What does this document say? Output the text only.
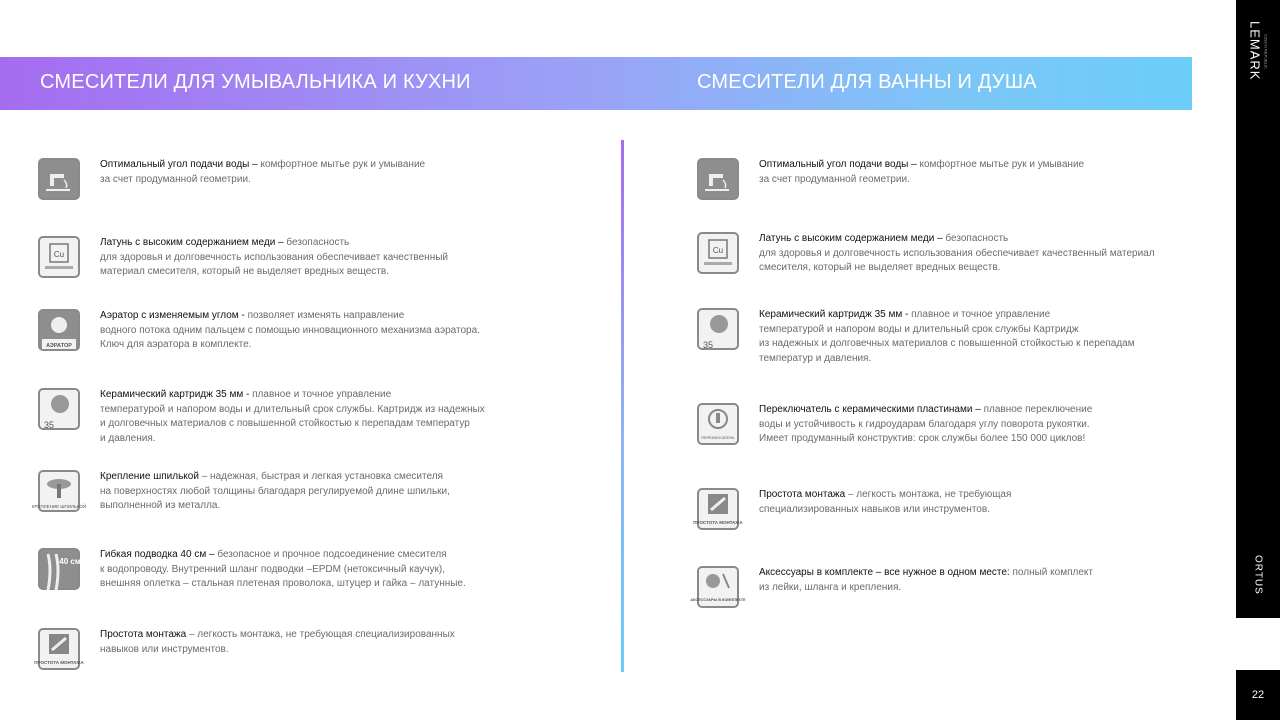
LEMARK CZECH REPUBLIC
ORTUS
22
СМЕСИТЕЛИ ДЛЯ УМЫВАЛЬНИКА И КУХНИ	СМЕСИТЕЛИ ДЛЯ ВАННЫ И ДУША
Оптимальный угол подачи воды – комфортное мытье рук и умывание
за счет продуманной геометрии.
Cu
Латунь с высоким содержанием меди – безопасность
для здоровья и долговечность использования обеспечивает качественный
материал смесителя, который не выделяет вредных веществ.
АЭРАТОР
Аэратор с изменяемым углом - позволяет изменять направление
водного потока одним пальцем с помощью инновационного механизма аэратора.
Ключ для аэратора в комплекте.
35
Керамический картридж 35 мм - плавное и точное управление
температурой и напором воды и длительный срок службы. Картридж из надежных
и долговечных материалов с повышенной стойкостью к перепадам температур
и давления.
КРЕПЛЕНИЕ ШПИЛЬКОЙ
Крепление шпилькой – надежная, быстрая и легкая установка смесителя
на поверхностях любой толщины благодаря регулируемой длине шпильки,
выполненной из металла.
40 см
Гибкая подводка 40 см – безопасное и прочное подсоединение смесителя
к водопроводу. Внутренний шланг подводки –EPDM (нетоксичный каучук),
внешняя оплетка – стальная плетеная проволока, штуцер и гайка – латунные.
ПРОСТОТА МОНТАЖА
Простота монтажа – легкость монтажа, не требующая специализированных
навыков или инструментов.
Оптимальный угол подачи воды – комфортное мытье рук и умывание
за счет продуманной геометрии.
Cu
Латунь с высоким содержанием меди – безопасность
для здоровья и долговечность использования обеспечивает качественный материал
смесителя, который не выделяет вредных веществ.
35
Керамический картридж 35 мм - плавное и точное управление
температурой и напором воды и длительный срок службы Картридж
из надежных и долговечных материалов с повышенной стойкостью к перепадам
температур и давления.
ПЕРЕКЛЮЧАТЕЛЬ
Переключатель с керамическими пластинами – плавное переключение
воды и устойчивость к гидроударам благодаря углу поворота рукоятки.
Имеет продуманный конструктив: срок службы более 150 000 циклов!
ПРОСТОТА МОНТАЖА
Простота монтажа – легкость монтажа, не требующая
специализированных навыков или инструментов.
АКСЕССУАРЫ В КОМПЛЕКТЕ
Аксессуары в комплекте – все нужное в одном месте: полный комплект
из лейки, шланга и крепления.
